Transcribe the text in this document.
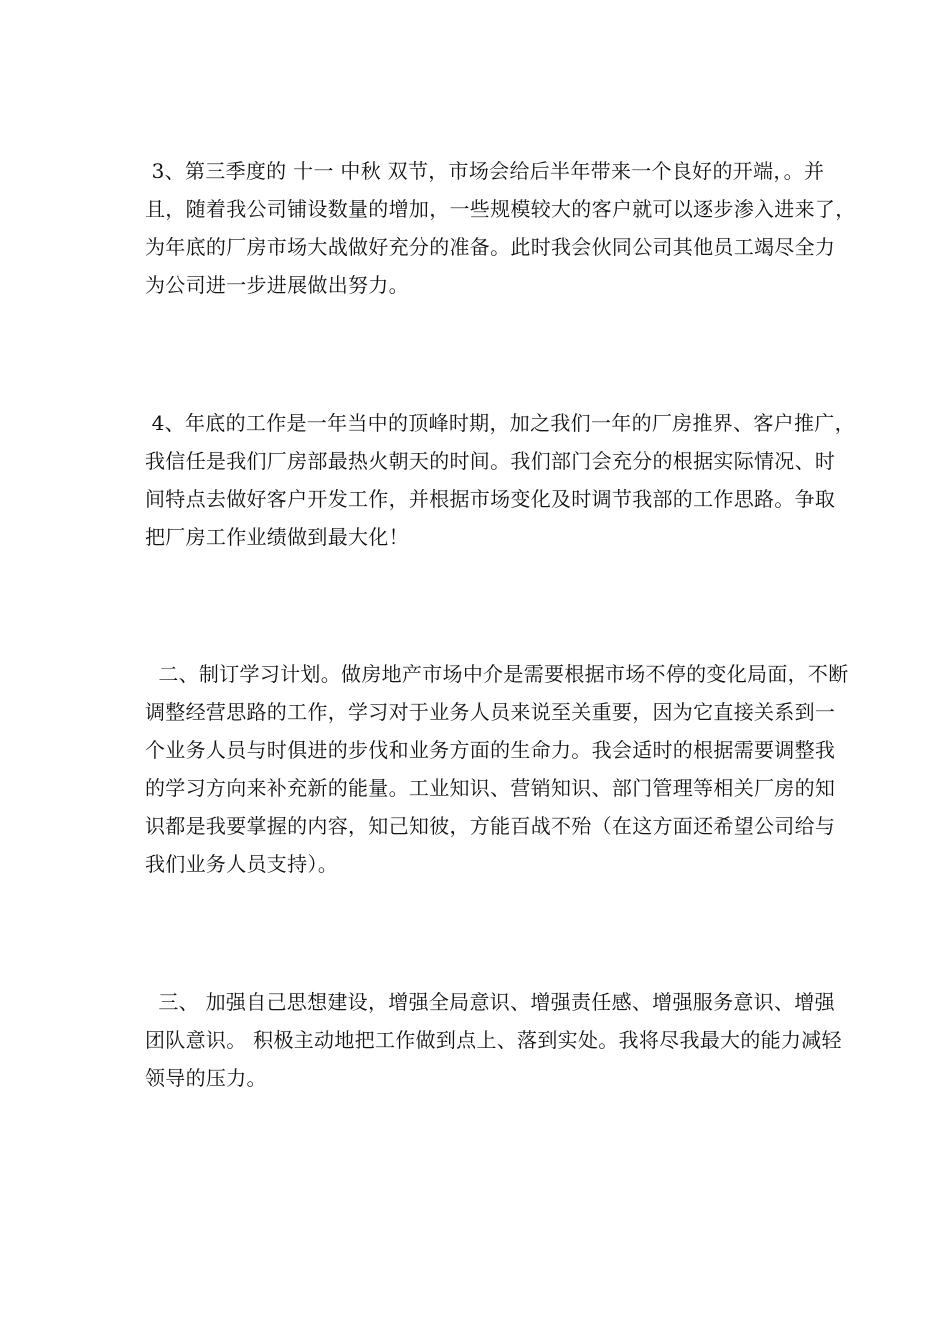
3、第三季度的 十一 中秋 双节，市场会给后半年带来一个良好的开端，。并
且，随着我公司铺设数量的增加，一些规模较大的客户就可以逐步渗入进来了，
为年底的厂房市场大战做好充分的准备。此时我会伙同公司其他员工竭尽全力
为公司进一步进展做出努力。
4、年底的工作是一年当中的顶峰时期，加之我们一年的厂房推界、客户推广，
我信任是我们厂房部最热火朝天的时间。我们部门会充分的根据实际情况、时
间特点去做好客户开发工作，并根据市场变化及时调节我部的工作思路。争取
把厂房工作业绩做到最大化！
二、制订学习计划。做房地产市场中介是需要根据市场不停的变化局面，不断
调整经营思路的工作，学习对于业务人员来说至关重要，因为它直接关系到一
个业务人员与时俱进的步伐和业务方面的生命力。我会适时的根据需要调整我
的学习方向来补充新的能量。工业知识、营销知识、部门管理等相关厂房的知
识都是我要掌握的内容，知己知彼，方能百战不殆（在这方面还希望公司给与
我们业务人员支持）。
三、 加强自己思想建设，增强全局意识、增强责任感、增强服务意识、增强
团队意识。 积极主动地把工作做到点上、落到实处。我将尽我最大的能力减轻
领导的压力。
